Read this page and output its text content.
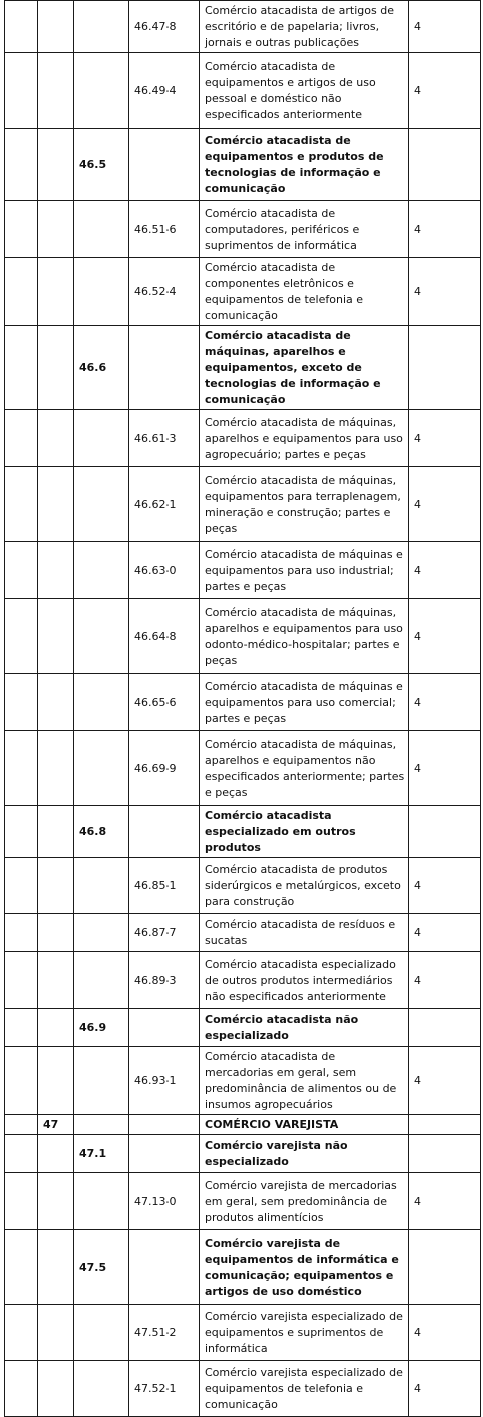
			46.47-8	Comércio atacadista de artigos de escritório e de papelaria; livros, jornais e outras publicações	4
			46.49-4	Comércio atacadista de equipamentos e artigos de uso pessoal e doméstico não especificados anteriormente	4
		46.5		Comércio atacadista de equipamentos e produtos de tecnologias de informação e comunicação	
			46.51-6	Comércio atacadista de computadores, periféricos e suprimentos de informática	4
			46.52-4	Comércio atacadista de componentes eletrônicos e equipamentos de telefonia e comunicação	4
		46.6		Comércio atacadista de máquinas, aparelhos e equipamentos, exceto de tecnologias de informação e comunicação	
			46.61-3	Comércio atacadista de máquinas, aparelhos e equipamentos para uso agropecuário; partes e peças	4
			46.62-1	Comércio atacadista de máquinas, equipamentos para terraplenagem, mineração e construção; partes e peças	4
			46.63-0	Comércio atacadista de máquinas e equipamentos para uso industrial; partes e peças	4
			46.64-8	Comércio atacadista de máquinas, aparelhos e equipamentos para uso odonto-médico-hospitalar; partes e peças	4
			46.65-6	Comércio atacadista de máquinas e equipamentos para uso comercial; partes e peças	4
			46.69-9	Comércio atacadista de máquinas, aparelhos e equipamentos não especificados anteriormente; partes e peças	4
		46.8		Comércio atacadista especializado em outros produtos	
			46.85-1	Comércio atacadista de produtos siderúrgicos e metalúrgicos, exceto para construção	4
			46.87-7	Comércio atacadista de resíduos e sucatas	4
			46.89-3	Comércio atacadista especializado de outros produtos intermediários não especificados anteriormente	4
		46.9		Comércio atacadista não especializado	
			46.93-1	Comércio atacadista de mercadorias em geral, sem predominância de alimentos ou de insumos agropecuários	4
	47			COMÉRCIO VAREJISTA	
		47.1		Comércio varejista não especializado	
			47.13-0	Comércio varejista de mercadorias em geral, sem predominância de produtos alimentícios	4
		47.5		Comércio varejista de equipamentos de informática e comunicação; equipamentos e artigos de uso doméstico	
			47.51-2	Comércio varejista especializado de equipamentos e suprimentos de informática	4
			47.52-1	Comércio varejista especializado de equipamentos de telefonia e comunicação	4
